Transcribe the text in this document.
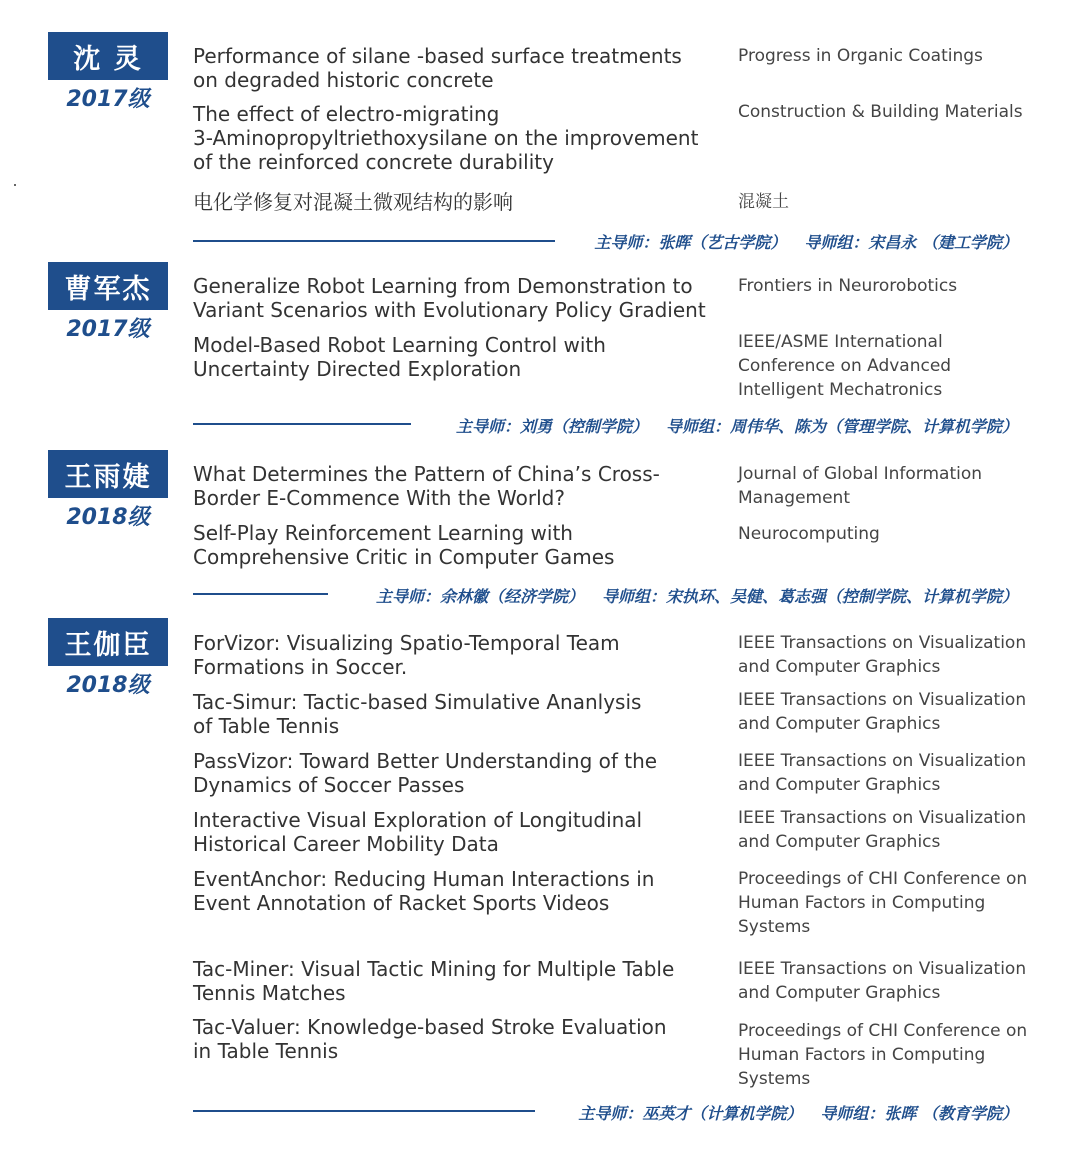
沈 灵
2017级
Performance of silane -based surface treatments
on degraded historic concrete
Progress in Organic Coatings
The effect of electro-migrating
3-Aminopropyltriethoxysilane on the improvement
of the reinforced concrete durability
Construction & Building Materials
电化学修复对混凝土微观结构的影响	混凝土
主导师：张晖（艺古学院） 导师组：宋昌永 （建工学院）
曹军杰
2017级
Generalize Robot Learning from Demonstration to
Variant Scenarios with Evolutionary Policy Gradient
Frontiers in Neurorobotics
Model-Based Robot Learning Control with
Uncertainty Directed Exploration
IEEE/ASME International
Conference on Advanced
Intelligent Mechatronics
主导师：刘勇（控制学院） 导师组：周伟华、陈为（管理学院、计算机学院）
王雨婕
2018级
What Determines the Pattern of China’s Cross-
Border E-Commence With the World?
Journal of Global Information
Management
Self-Play Reinforcement Learning with
Comprehensive Critic in Computer Games
Neurocomputing
主导师：余林徽（经济学院） 导师组：宋执环、吴健、葛志强（控制学院、计算机学院）
王伽臣
2018级
ForVizor: Visualizing Spatio-Temporal Team
Formations in Soccer.
IEEE Transactions on Visualization
and Computer Graphics
Tac-Simur: Tactic-based Simulative Ananlysis
of Table Tennis
IEEE Transactions on Visualization
and Computer Graphics
PassVizor: Toward Better Understanding of the
Dynamics of Soccer Passes
IEEE Transactions on Visualization
and Computer Graphics
Interactive Visual Exploration of Longitudinal
Historical Career Mobility Data
IEEE Transactions on Visualization
and Computer Graphics
EventAnchor: Reducing Human Interactions in
Event Annotation of Racket Sports Videos
Proceedings of CHI Conference on
Human Factors in Computing
Systems
Tac-Miner: Visual Tactic Mining for Multiple Table
Tennis Matches
IEEE Transactions on Visualization
and Computer Graphics
Tac-Valuer: Knowledge-based Stroke Evaluation
in Table Tennis
Proceedings of CHI Conference on
Human Factors in Computing
Systems
主导师：巫英才（计算机学院） 导师组：张晖 （教育学院）
